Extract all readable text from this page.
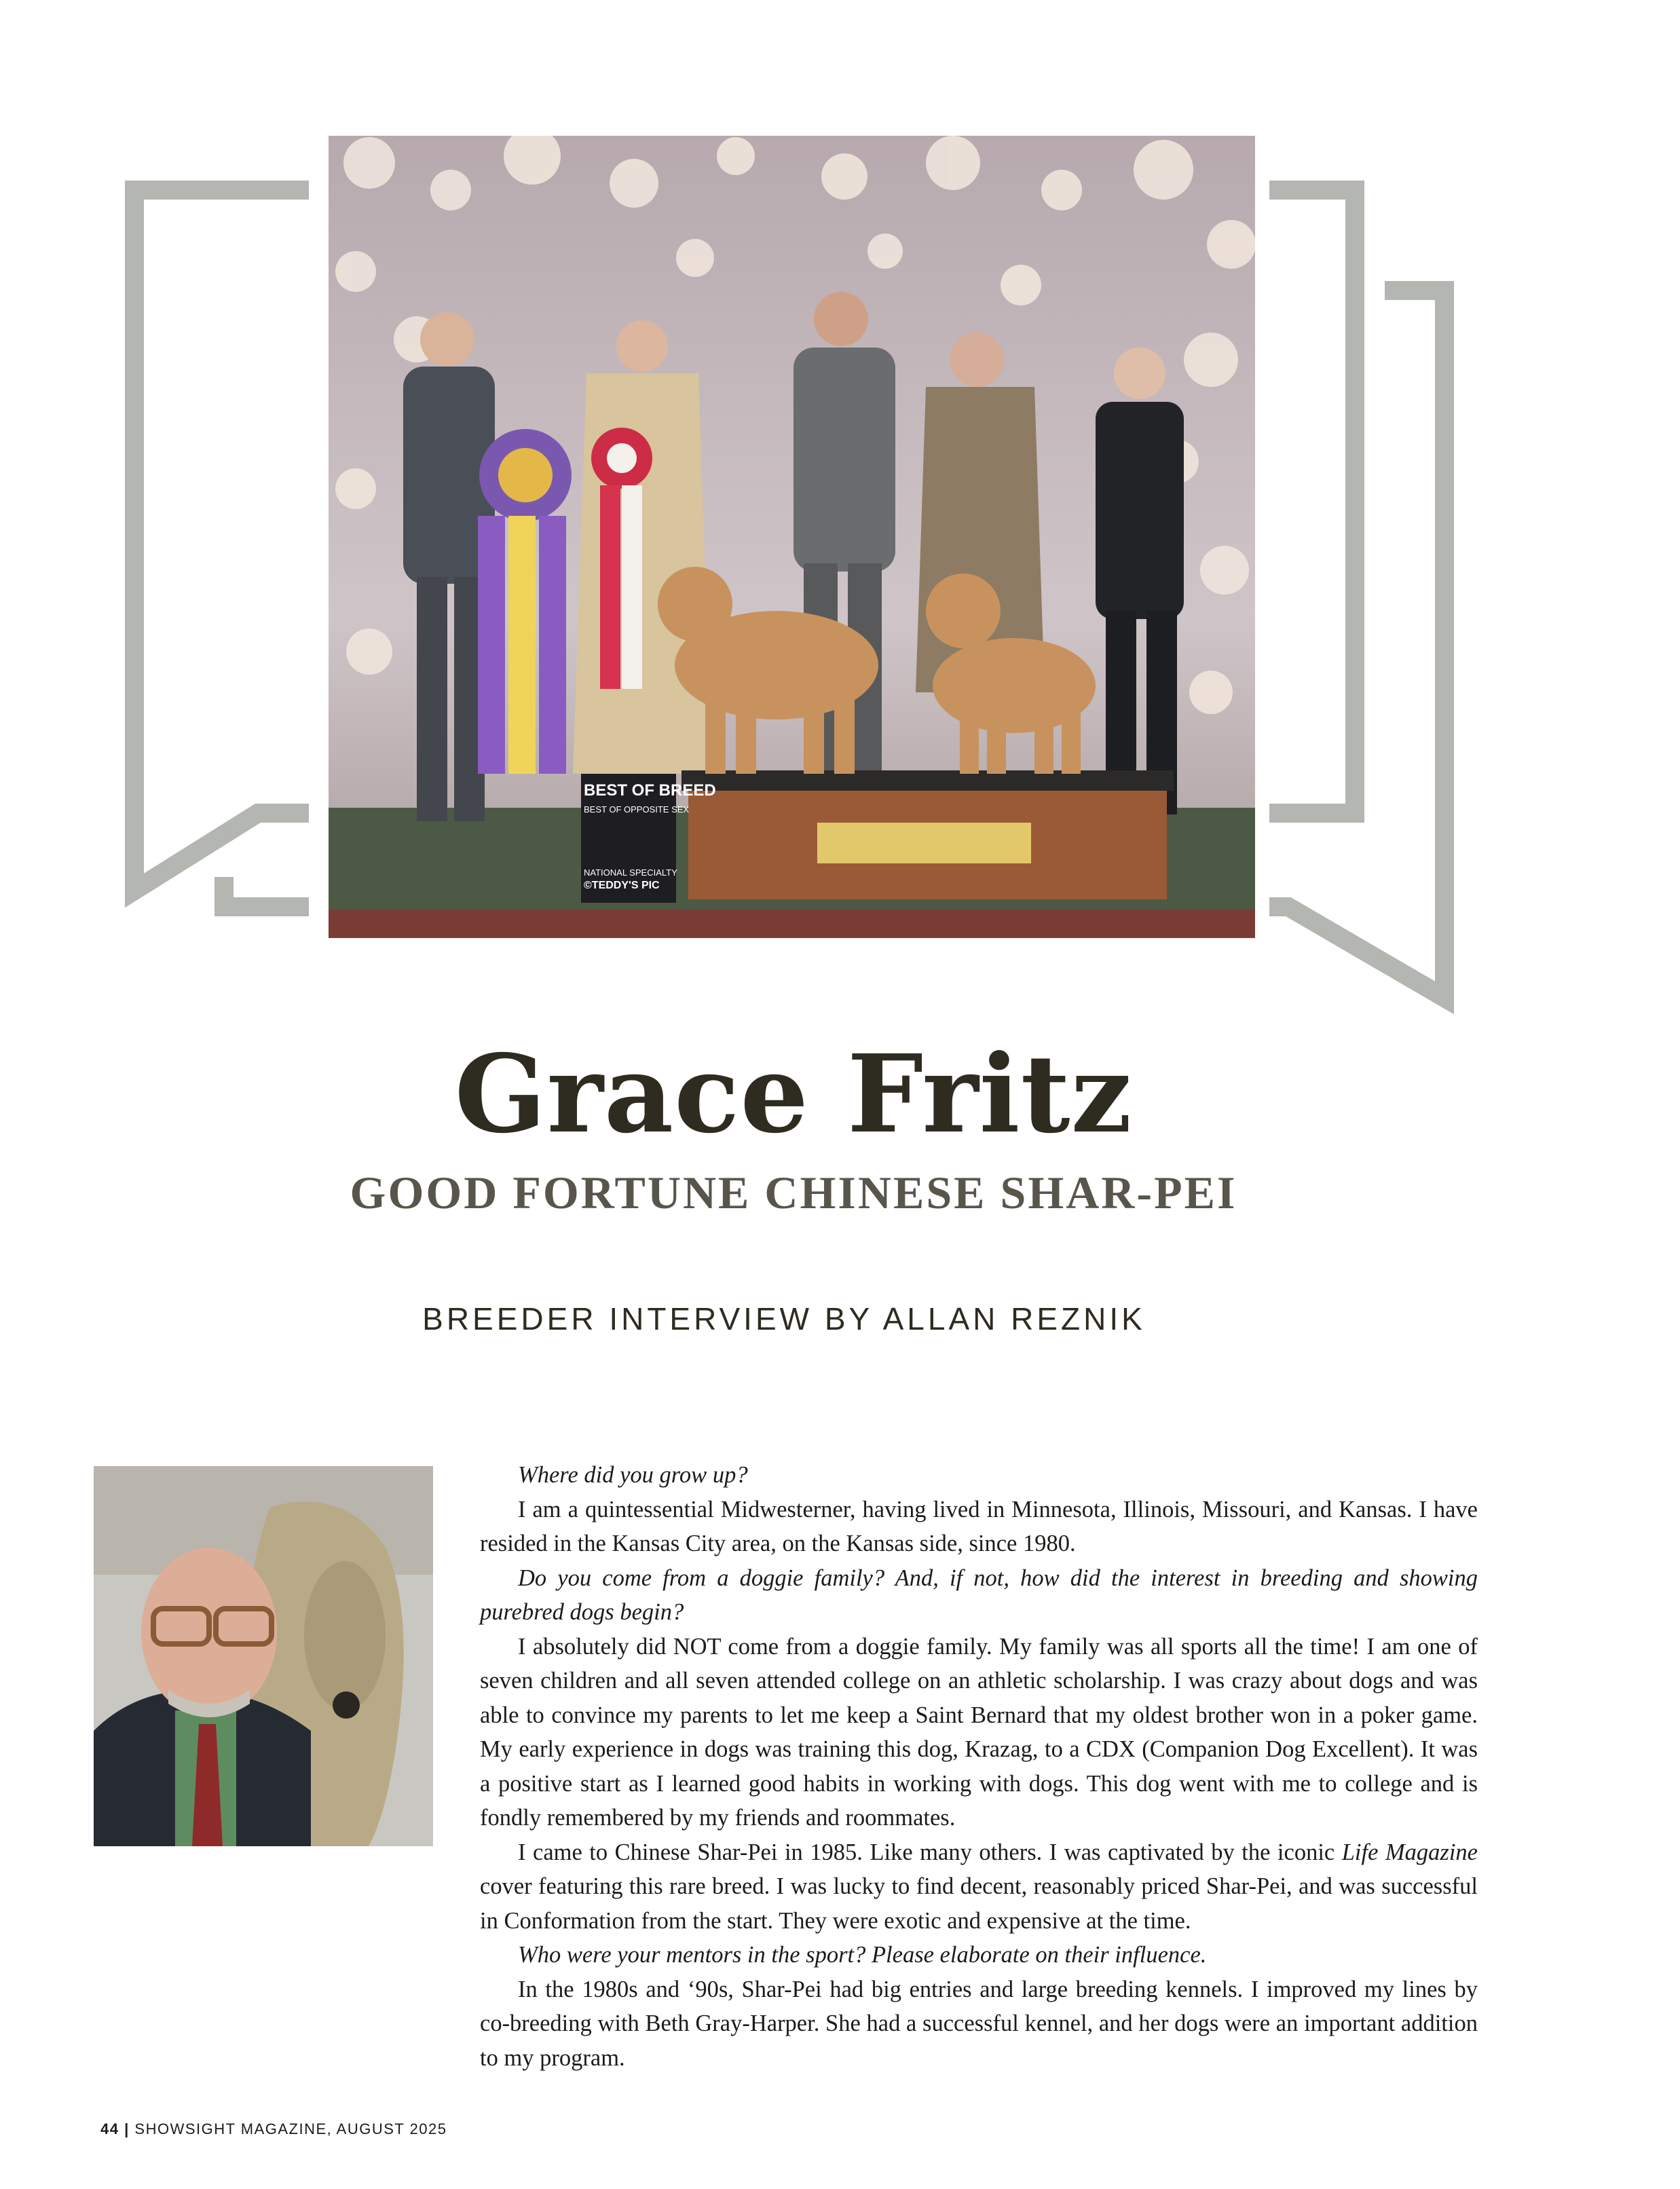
BEST OF BREED
BEST OF OPPOSITE SEX
NATIONAL SPECIALTY
©TEDDY'S PIC
Grace Fritz
GOOD FORTUNE CHINESE SHAR-PEI
BREEDER INTERVIEW BY ALLAN REZNIK

Where did you grow up?

I am a quintessential Midwesterner, having lived in Minnesota, Illinois, Missouri, and Kansas. I have resided in the Kansas City area, on the Kansas side, since 1980.

Do you come from a doggie family? And, if not, how did the interest in breeding and showing purebred dogs begin?

I absolutely did NOT come from a doggie family. My family was all sports all the time! I am one of seven children and all seven attended college on an athletic scholarship. I was crazy about dogs and was able to convince my parents to let me keep a Saint Bernard that my oldest brother won in a poker game. My early experience in dogs was training this dog, Krazag, to a CDX (Companion Dog Excellent). It was a positive start as I learned good habits in working with dogs. This dog went with me to college and is fondly remembered by my friends and roommates.

I came to Chinese Shar-Pei in 1985. Like many others. I was captivated by the iconic Life Magazine cover featuring this rare breed. I was lucky to find decent, reasonably priced Shar-Pei, and was successful in Conformation from the start. They were exotic and expensive at the time.

Who were your mentors in the sport? Please elaborate on their influence.

In the 1980s and ‘90s, Shar-Pei had big entries and large breeding kennels. I improved my lines by co-breeding with Beth Gray-Harper. She had a successful kennel, and her dogs were an important addition to my program.

44 | SHOWSIGHT MAGAZINE, AUGUST 2025
